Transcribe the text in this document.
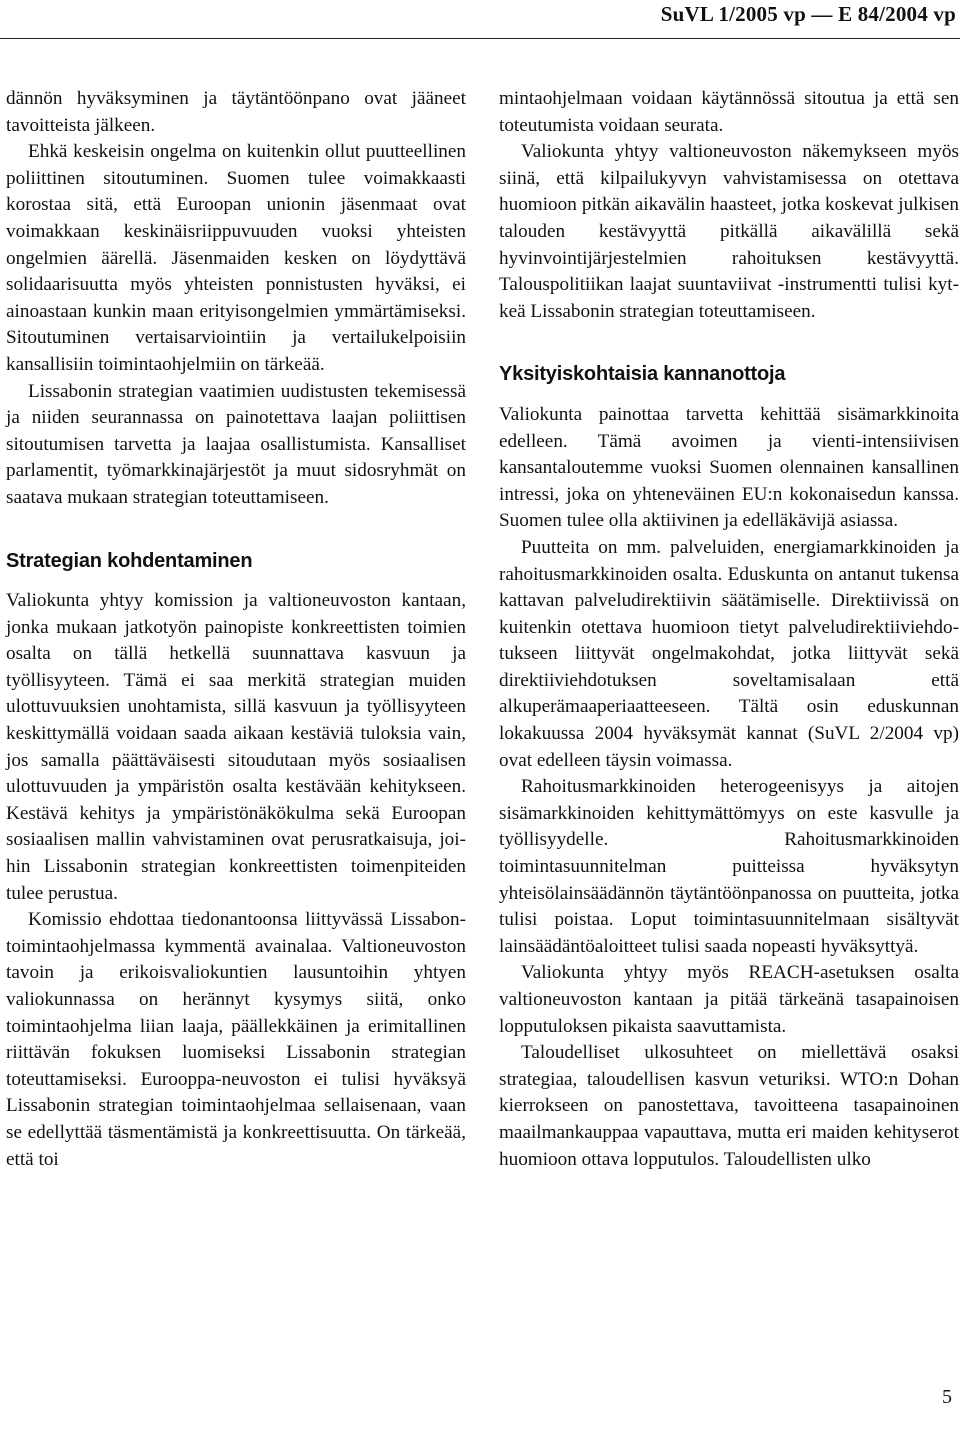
SuVL 1/2005 vp — E 84/2004 vp

dännön hyväksyminen ja täytäntöönpano ovat jääneet tavoitteista jälkeen.

Ehkä keskeisin ongelma on kuitenkin ollut puutteellinen poliittinen sitoutuminen. Suomen tulee voimakkaasti korostaa sitä, että Euroopan unionin jäsenmaat ovat voimakkaan keskinäisriippuvuuden vuoksi yhteisten ongelmien äärellä. Jäsenmaiden kesken on löydyttävä solidaarisuutta myös yhteisten ponnistusten hyväksi, ei ainoastaan kunkin maan erityisongelmien ymmärtämiseksi. Sitoutuminen vertaisarviointiin ja vertailukelpoisiin kansallisiin toimintaohjelmiin on tärkeää.

Lissabonin strategian vaatimien uudistusten tekemisessä ja niiden seurannassa on painotettava laajan poliittisen sitoutumisen tarvetta ja laajaa osallistumista. Kansalliset parlamentit, työmarkkinajärjestöt ja muut sidosryhmät on saatava mukaan strategian toteuttamiseen.

Strategian kohdentaminen

Valiokunta yhtyy komission ja valtioneuvoston kantaan, jonka mukaan jatkotyön painopiste konkreettisten toimien osalta on tällä hetkellä suunnattava kasvuun ja työllisyyteen. Tämä ei saa merkitä strategian muiden ulottuvuuksien unohtamista, sillä kasvuun ja työllisyyteen keskittymällä voidaan saada aikaan kestäviä tuloksia vain, jos samalla päättäväisesti sitoudutaan myös sosiaalisen ulottuvuuden ja ympäristön osalta kestävään kehitykseen. Kestävä kehitys ja ympäristönäkökulma sekä Euroopan sosiaalisen mallin vahvistaminen ovat perusratkaisuja, joihin Lissabonin strategian konkreettisten toimenpiteiden tulee perustua.

Komissio ehdottaa tiedonantoonsa liittyvässä Lissabon-toimintaohjelmassa kymmentä avainalaa. Valtioneuvoston tavoin ja erikoisvaliokuntien lausuntoihin yhtyen valiokunnassa on herännyt kysymys siitä, onko toimintaohjelma liian laaja, päällekkäinen ja erimitallinen riittävän fokuksen luomiseksi Lissabonin strategian toteuttamiseksi. Eurooppa-neuvoston ei tulisi hyväksyä Lissabonin strategian toimintaohjelmaa sellaisenaan, vaan se edellyttää täsmentämistä ja konkreettisuutta. On tärkeää, että toi

mintaohjelmaan voidaan käytännössä sitoutua ja että sen toteutumista voidaan seurata.

Valiokunta yhtyy valtioneuvoston näkemykseen myös siinä, että kilpailukyvyn vahvistamisessa on otettava huomioon pitkän aikavälin haasteet, jotka koskevat julkisen talouden kestävyyttä pitkällä aikavälillä sekä hyvinvointijärjestelmien rahoituksen kestävyyttä. Talouspolitiikan laajat suuntaviivat -instrumentti tulisi kytkeä Lissabonin strategian toteuttamiseen.

Yksityiskohtaisia kannanottoja

Valiokunta painottaa tarvetta kehittää sisämarkkinoita edelleen. Tämä avoimen ja vienti-intensiivisen kansantaloutemme vuoksi Suomen olennainen kansallinen intressi, joka on yhteneväinen EU:n kokonaisedun kanssa. Suomen tulee olla aktiivinen ja edelläkävijä asiassa.

Puutteita on mm. palveluiden, energiamarkkinoiden ja rahoitusmarkkinoiden osalta. Eduskunta on antanut tukensa kattavan palveludirektiivin säätämiselle. Direktiivissä on kuitenkin otettava huomioon tietyt palveludirektiiviehdotukseen liittyvät ongelmakohdat, jotka liittyvät sekä direktiiviehdotuksen soveltamisalaan että alkuperämaaperiaatteeseen. Tältä osin eduskunnan lokakuussa 2004 hyväksymät kannat (SuVL 2/2004 vp) ovat edelleen täysin voimassa.

Rahoitusmarkkinoiden heterogeenisyys ja aitojen sisämarkkinoiden kehittymättömyys on este kasvulle ja työllisyydelle. Rahoitusmarkkinoiden toimintasuunnitelman puitteissa hyväksytyn yhteisölainsäädännön täytäntöönpanossa on puutteita, jotka tulisi poistaa. Loput toimintasuunnitelmaan sisältyvät lainsäädäntöaloitteet tulisi saada nopeasti hyväksyttyä.

Valiokunta yhtyy myös REACH-asetuksen osalta valtioneuvoston kantaan ja pitää tärkeänä tasapainoisen lopputuloksen pikaista saavuttamista.

Taloudelliset ulkosuhteet on miellettävä osaksi strategiaa, taloudellisen kasvun veturiksi. WTO:n Dohan kierrokseen on panostettava, tavoitteena tasapainoinen maailmankauppaa vapauttava, mutta eri maiden kehityserot huomioon ottava lopputulos. Taloudellisten ulko

5
